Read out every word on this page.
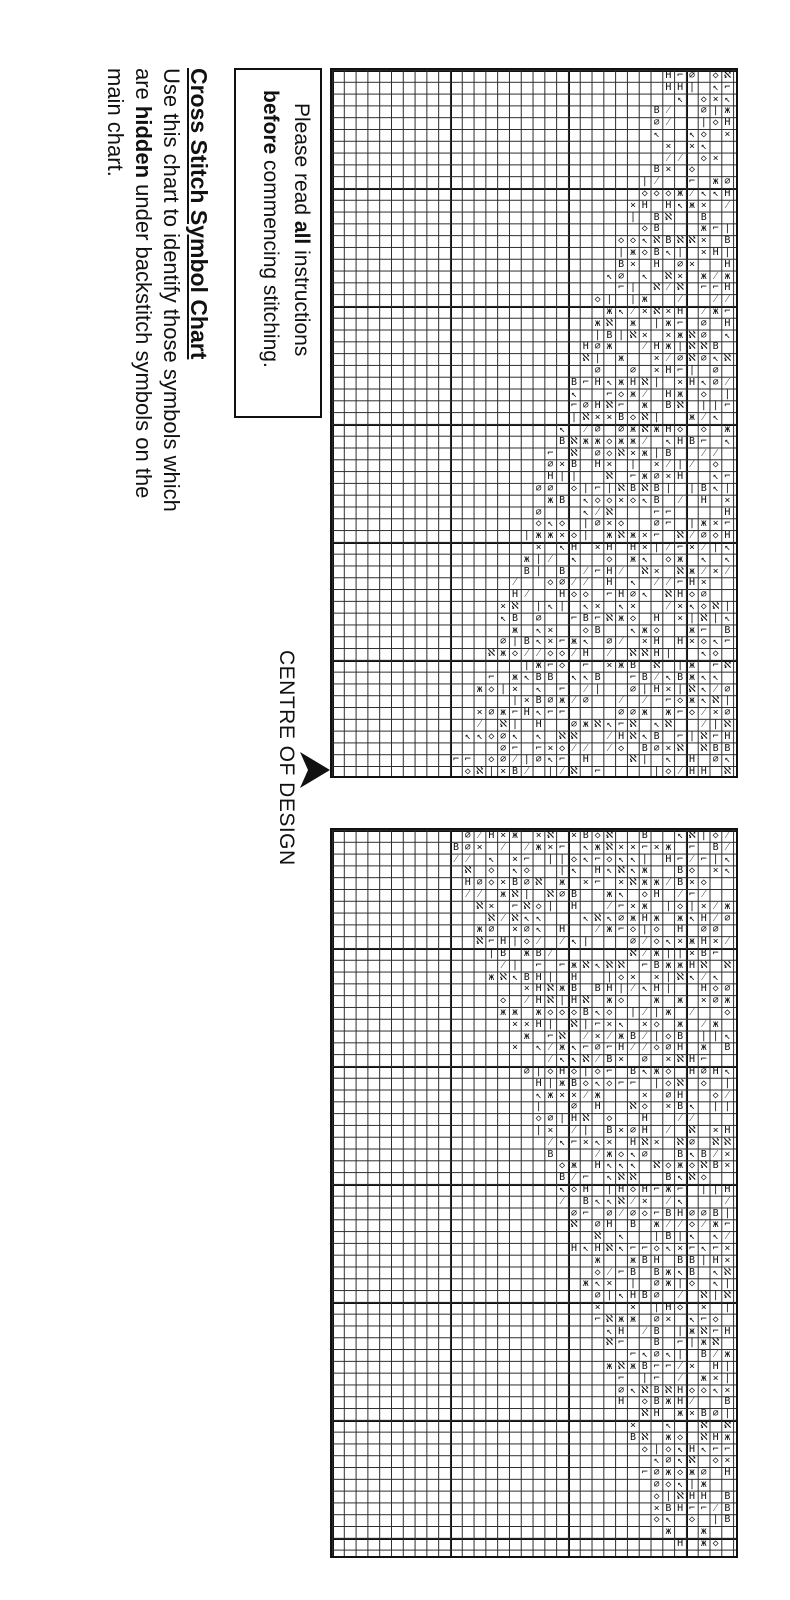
Please read all instructions
before commencing stitching.
Cross Stitch Symbol Chart
Use this chart to identify those symbols which
are hidden under backstitch symbols on the
main chart.
CENTRE OF DESIGN	⌐
↖
⌐
◇
ж
×
⁄
↖
ℵ
ℵ
⌐
◇
∅
◇
◇
|
×
↖
∅
ж
|
ж
ℵ
∅
∅
∅
×
⁄
H
ℵ
B
ж
|
◇
ж
×
|
⌐
|
↖
⌐
⁄
B
|
ж
B
⁄
B
⁄
|
↖
×
H
|
⁄
∅
∅
◇
ж
×
|
|
|
∅
↖
↖
⁄
ж
B
↖
B
↖
H
↖
⌐
∅
⌐
∅
H
∅
ж
↖
ж
⁄
◇
↖
×
×
◇
⌐
B
∅
⌐
×
↖
|
↖
B
×
|
B
◇
×
↖
B
∅
H
|
⌐
◇
◇
⌐
ж
⌐
ℵ
◇
⌐
⁄
B
↖
⌐
|
ℵ
ℵ
B
|
◇
◇
H
↖
⁄
◇
⌐
ж
⁄
↖
⁄
∅
ℵ
⁄
ℵ
H
ℵ
⌐
∅
ℵ
⁄
ж
|
↖
↖
|
|
⁄
⁄
◇
↖
B
◇
↖
H
⌐
↖
⁄
∅
ж
⁄
H
◇
ж
|
∅
|
∅
H
H
×
∅
ж
∅
H
⌐
◇
⁄
∅
×
⌐
×
⌐
B
B
|
ℵ
⌐
↖
|
ж
ℵ
B
ж
↖
⌐
ℵ
×
◇
◇
×
ℵ
|
◇
ℵ
×
ж
H
◇
H
H
⌐
ℵ
∅
⁄
×
↖
⁄
⁄
◇
|
B
∅
⌐
↖
|
ж
ж
◇
⌐
B
∅
ж
ℵ
ℵ
×
◇
ℵ
⁄
H
↖
ж
⁄
ж
⁄
∅
⌐
H
◇
×
|
◇
ж
×
|
|
⁄
ж
ℵ
∅
H
ж
◇
ж
ж
×
|
⌐
B
◇
ж
H
ж
↖
∅
×
◇
↖
ℵ
B
⌐
∅
∅
ℵ
ℵ
ℵ
|
◇
H
◇
↖
◇
↖
ж
×
×
⁄
ℵ
⁄
ж
ℵ
ℵ
⁄
ж
ж
ℵ
↖
×
×
↖
ℵ
↖
ж
×
ℵ
B
|
⁄
ж
↖
B
|
B
∅
↖
B
⁄
◇
B
B
ℵ
B
H
ℵ
ℵ
|
H
×
×
|
|
ж
|
×
∅
B
B
⌐
∅
⌐
|
×
⁄
H
◇
H
H
ℵ
⁄
H
↖
B
∅
|
H
H
⁄
⁄
×
⁄
×
◇
H
ℵ
B
↖
ℵ
⁄
×
ж
×
ж
⁄
H
H
B
H
↖
B
⁄
×
|
⌐
⌐
⁄
◇
⁄
ℵ
⁄
|
↖
×
⌐
ж
ℵ
×
↖
◇
⌐
H
↖
⁄
ж
↖
ℵ
|
∅
×
ℵ
⁄
H
⌐
ж
|
∅
⌐
×
ж
ℵ
◇
H
|
H
⁄
ℵ
⌐
ж
ℵ
⌐
H
×
×
H
|
B
|
◇
⌐
⌐
ℵ
⁄
∅
|
↖
×
◇
⌐
⁄
ж
ℵ
×
ℵ
ℵ
ℵ
|
H
ж
B
⁄
|
|
⁄
×
ж
H
◇
↖
|
ж
×
ж
ж
ℵ
ж
◇
|
H
H
◇
∅
|
◇
↖
◇
↖
×
B
ж
×
×
ж
⌐
⁄
∅
∅
ℵ
∅
↖
◇
|
⁄
◇
⌐
⁄
B
H
ж
∅
⁄
↖
⁄
×
∅
◇
ℵ
⌐
◇
↖
↖
↖
↖
⁄
⁄
ℵ
ℵ
H
◇
↖
×
|
◇
×
ж
↖
⌐
H
⁄
⌐
⁄
ж
B
↖
∅
∅
|
↖
⁄
◇
↖
↖
×
◇
|
×
ℵ
|
↖
◇
⌐
↖
⁄
ℵ
×
|
⌐
B
∅
ℵ
⌐
↖
ж
H
×
∅
H
⁄
|
B
|
H
ж
H
⁄
⌐
H
↖
ℵ
⁄
|
⌐
ж
↖
⌐
|
×
H
⌐
H
↖
↖
⁄
|
↖
B
⌐
ℵ
∅
|
∅
ℵ
H
B
↖
ℵ
B
⁄
∅
∅
⁄
ℵ
H
⁄
⁄
×
∅
⁄
ℵ
ж
ℵ
H
↖
◇
◇
×
ℵ
∅
⌐
|
ж
×
⁄
×
ж
⁄
H
B
⁄
ℵ
◇
ж
ж
×
↖
B
ℵ
⌐
ℵ
×
|
|
↖
ж
×
×
⁄
⌐
◇
∅
|
ℵ
↖
∅
◇
ж
B
×
⁄
×
ж
∅
×
ж
ℵ
◇
↖
↖
⁄
B
⌐
H
H
H
ж
H
↖
|
H
↖
|
◇
|
ℵ
×
|
ℵ
|
⁄
|
ℵ
ℵ
◇
|
⌐
⁄
⁄
◇
|
ж
∅
×
⁄
B
⌐
|
|
ж
∅
H
⁄
⌐
ж
|
◇
ℵ
ж
↖
H
ж
×
|
↖
◇
B
↖
⁄
×
◇
↖
B
H
↖
ж
H
B
H
◇
ℵ
↖
↖
◇
B
×
∅
H
⁄
⌐
ж
⁄
◇
∅
ℵ
H
B
↖
↖
×
↖
|
ℵ
ℵ
B
|
⁄
⌐
ℵ
|
◇
⁄
ℵ
|
×
⌐
H
B
⌐
↖
ж
◇
ж
⌐
H
⌐
ℵ
⁄
↖
B
↖
⌐
×
∅
⁄
◇
↖
ж
H
↖
⁄
H
↖
∅
ℵ
H
ж
◇
↖
∅
×
⌐
ℵ
ℵ
◇
↖
ж
⁄
↖
ж
ℵ
|
H
ж
◇
×
⁄
⌐
B
⌐
◇
◇
B
×
ж
↖
↖
|
↖
∅
H
ℵ
⁄
×
|
ℵ
↖
ℵ
ж
×
↖
ℵ
×
↖
⌐
∅
⌐
ℵ
◇
|
◇
↖
ж
H
×
⌐
×
◇
↖
ℵ
H
ℵ
⁄
↖
↖
⌐
↖
ж
H
⌐
ℵ
⌐
∅
H
×
↖
↖
ℵ
×
ж
◇
∅
ℵ
×
⁄
|
B
⁄
B
⌐
ℵ
∅
H
↖
↖
ℵ
◇
⁄
∅
B
⌐
ж
B
|
H
×
ж
⌐
ж
↖
×
B
B
⌐
|
ж
ж
◇
ж
H
|
⁄
⁄
⌐
↖
⁄
×
⁄
⁄
∅
↖
×
◇
H
H
ℵ
∅
H
×
◇
⌐
B
B
⁄
↖
B
|
ℵ
◇
ℵ
ℵ
◇
⌐
×
ж
H
ж
◇
◇
ж
B
×
H
ж
|
◇
|
◇
ж
|
×
ℵ
⌐
⌐
ж
|
◇
H
B
∅
∅
|
∅
B
B
∅
⌐
⌐
B
B
H
|
↖
∅
∅
◇
×
◇
ж
H
⁄
|
↖
|
ж
|
|
ж
◇
∅
×
◇
◇
∅
×
⁄
◇
B
ж
⁄
B
⁄
B
↖
ж
ж
H
×
↖
⌐
ℵ
ж
↖
ж
◇
∅
ж
◇
|
B
↖
ж
↖
⌐
B
B
⁄
◇
ж
H
×
|
ж
ℵ
ж
ж
B
H
ℵ
ℵ
H
B
⁄
ℵ
B
ж
↖
⌐
↖
H
⁄
|
×
B
↖
|
⁄
◇
|
⌐
|
⁄
⁄
H
H
ж
◇
↖
↖
◇
↖
ℵ
H
H
ℵ
⌐
⁄
◇
×
⌐
|
↖
ж
×
H
↖
⁄
H
H
↖
⁄
ℵ
∅
↖
◇
ℵ
∅
◇
↖
⌐
B
B
◇
↖
ж
|
×
◇
⁄
×
H
ℵ
ж
|
H
⌐
◇
|
⌐
◇
⁄
×
H
∅
H
B
ℵ
⁄
H
×
⁄
|
ж
⌐
∅
◇
B
ℵ
◇
|
∅
⁄
↖
|
ℵ
×
⌐
ℵ
ж
B
ж
◇
B
ℵ
ℵ
↖
∅
ж
H
⌐
ж
ж
◇
B
|
×
⁄
⁄
∅
×
⌐
↖
◇
∅
ж
|
H
◇
|
×
ℵ
⁄
B
|
B
ж
↖
⌐
H
↖
↖
|
◇
⌐
ℵ
⁄
H
×
↖
∅
H
⌐
◇
⁄
|
◇
⁄
⁄
↖
↖
ж
∅
⁄
ℵ
∅
ж
◇
↖
B
↖
|
⁄
|
H
ℵ
×
×
H
⁄
|
⌐
⁄
×
×
ℵ
|
ℵ
|
H
ж
|
|
×
B
|
ℵ
ж
⌐
×
H
B
B
B
